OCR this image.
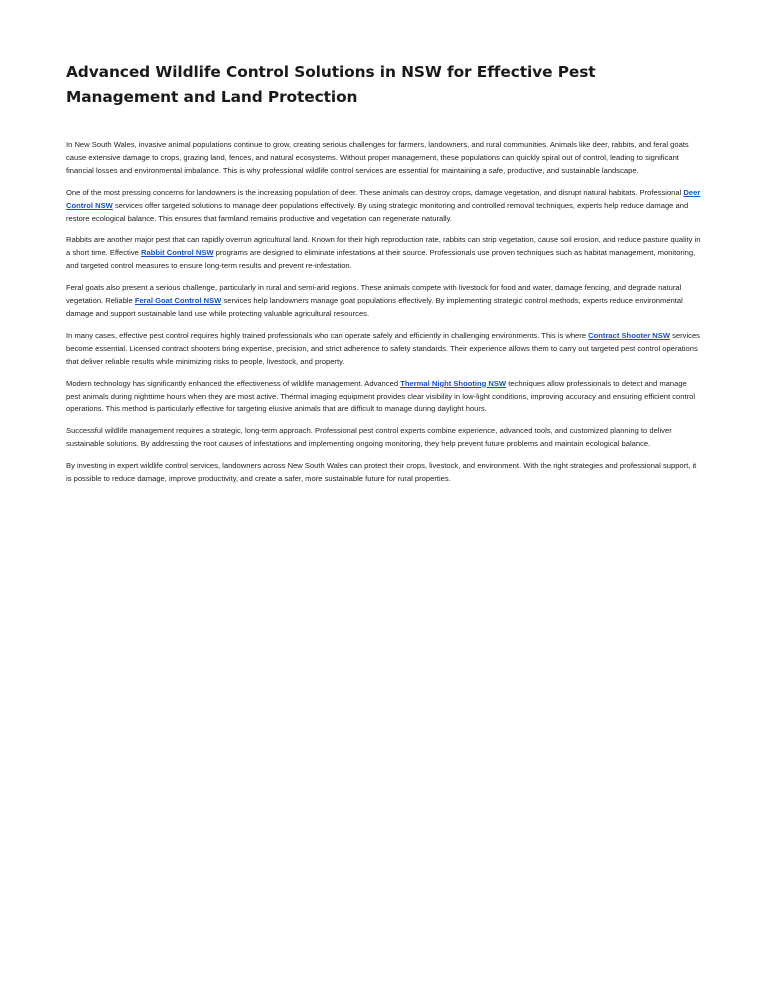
Advanced Wildlife Control Solutions in NSW for Effective Pest Management and Land Protection

In New South Wales, invasive animal populations continue to grow, creating serious challenges for farmers, landowners, and rural communities. Animals like deer, rabbits, and feral goats cause extensive damage to crops, grazing land, fences, and natural ecosystems. Without proper management, these populations can quickly spiral out of control, leading to significant financial losses and environmental imbalance. This is why professional wildlife control services are essential for maintaining a safe, productive, and sustainable landscape.

One of the most pressing concerns for landowners is the increasing population of deer. These animals can destroy crops, damage vegetation, and disrupt natural habitats. Professional Deer Control NSW services offer targeted solutions to manage deer populations effectively. By using strategic monitoring and controlled removal techniques, experts help reduce damage and restore ecological balance. This ensures that farmland remains productive and vegetation can regenerate naturally.

Rabbits are another major pest that can rapidly overrun agricultural land. Known for their high reproduction rate, rabbits can strip vegetation, cause soil erosion, and reduce pasture quality in a short time. Effective Rabbit Control NSW programs are designed to eliminate infestations at their source. Professionals use proven techniques such as habitat management, monitoring, and targeted control measures to ensure long-term results and prevent re-infestation.

Feral goats also present a serious challenge, particularly in rural and semi-arid regions. These animals compete with livestock for food and water, damage fencing, and degrade natural vegetation. Reliable Feral Goat Control NSW services help landowners manage goat populations effectively. By implementing strategic control methods, experts reduce environmental damage and support sustainable land use while protecting valuable agricultural resources.

In many cases, effective pest control requires highly trained professionals who can operate safely and efficiently in challenging environments. This is where Contract Shooter NSW services become essential. Licensed contract shooters bring expertise, precision, and strict adherence to safety standards. Their experience allows them to carry out targeted pest control operations that deliver reliable results while minimizing risks to people, livestock, and property.

Modern technology has significantly enhanced the effectiveness of wildlife management. Advanced Thermal Night Shooting NSW techniques allow professionals to detect and manage pest animals during nighttime hours when they are most active. Thermal imaging equipment provides clear visibility in low-light conditions, improving accuracy and ensuring efficient control operations. This method is particularly effective for targeting elusive animals that are difficult to manage during daylight hours.

Successful wildlife management requires a strategic, long-term approach. Professional pest control experts combine experience, advanced tools, and customized planning to deliver sustainable solutions. By addressing the root causes of infestations and implementing ongoing monitoring, they help prevent future problems and maintain ecological balance.

By investing in expert wildlife control services, landowners across New South Wales can protect their crops, livestock, and environment. With the right strategies and professional support, it is possible to reduce damage, improve productivity, and create a safer, more sustainable future for rural properties.
